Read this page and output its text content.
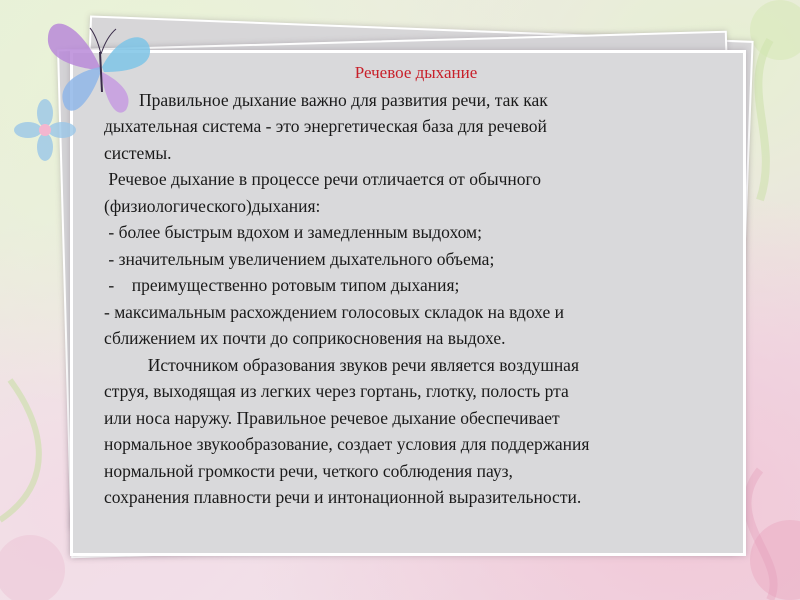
Речевое дыхание
Правильное дыхание важно для развития речи, так как
дыхательная система - это энергетическая база для речевой
системы.
Речевое дыхание в процессе речи отличается от обычного
(физиологического)дыхания:
- более быстрым вдохом и замедленным выдохом;
- значительным увеличением дыхательного объема;
-    преимущественно ротовым типом дыхания;
- максимальным расхождением голосовых складок на вдохе и
сближением их почти до соприкосновения на выдохе.
Источником образования звуков речи является воздушная
струя, выходящая из легких через гортань, глотку, полость рта
или носа наружу. Правильное речевое дыхание обеспечивает
нормальное звукообразование, создает условия для поддержания
нормальной громкости речи, четкого соблюдения пауз,
сохранения плавности речи и интонационной выразительности.
